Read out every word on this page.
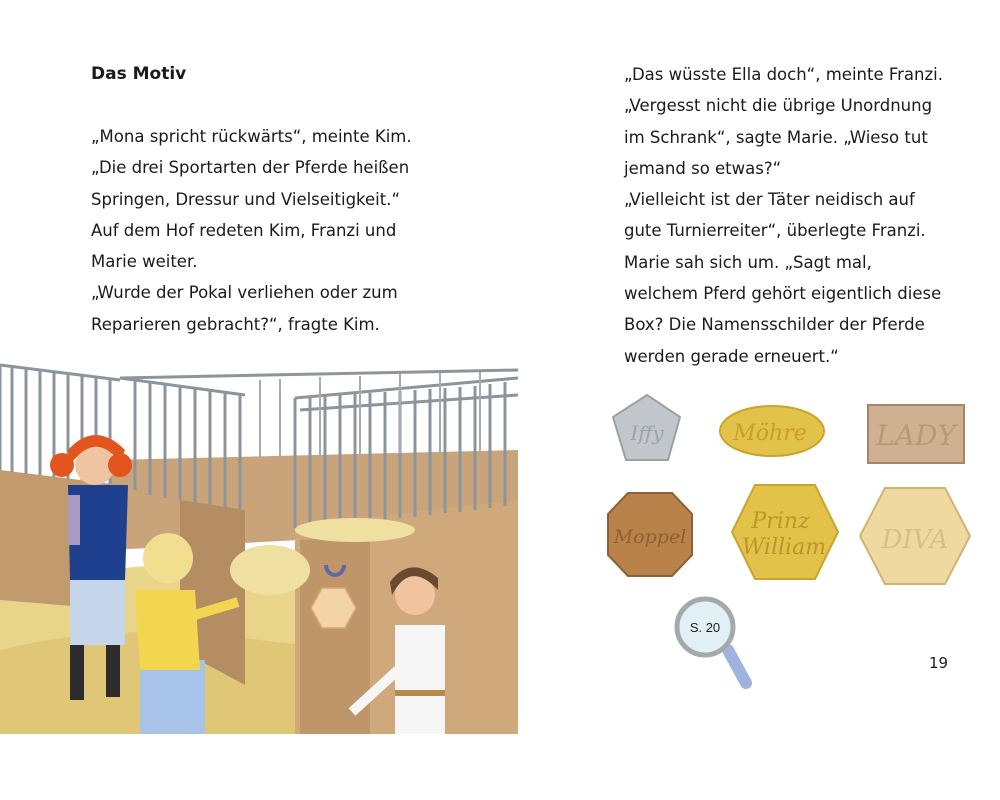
Das Motiv
„Mona spricht rückwärts“, meinte Kim.
„Die drei Sportarten der Pferde heißen
Springen, Dressur und Vielseitigkeit.“
Auf dem Hof redeten Kim, Franzi und
Marie weiter.
„Wurde der Pokal verliehen oder zum
Reparieren gebracht?“, fragte Kim.
„Das wüsste Ella doch“, meinte Franzi.
„Vergesst nicht die übrige Unordnung
im Schrank“, sagte Marie. „Wieso tut
jemand so etwas?“
„Vielleicht ist der Täter neidisch auf
gute Turnierreiter“, überlegte Franzi.
Marie sah sich um. „Sagt mal,
welchem Pferd gehört eigentlich diese
Box? Die Namensschilder der Pferde
werden gerade erneuert.“
Iffy	Möhre LADY
Moppel
Prinz William DIVA
S. 20
19
